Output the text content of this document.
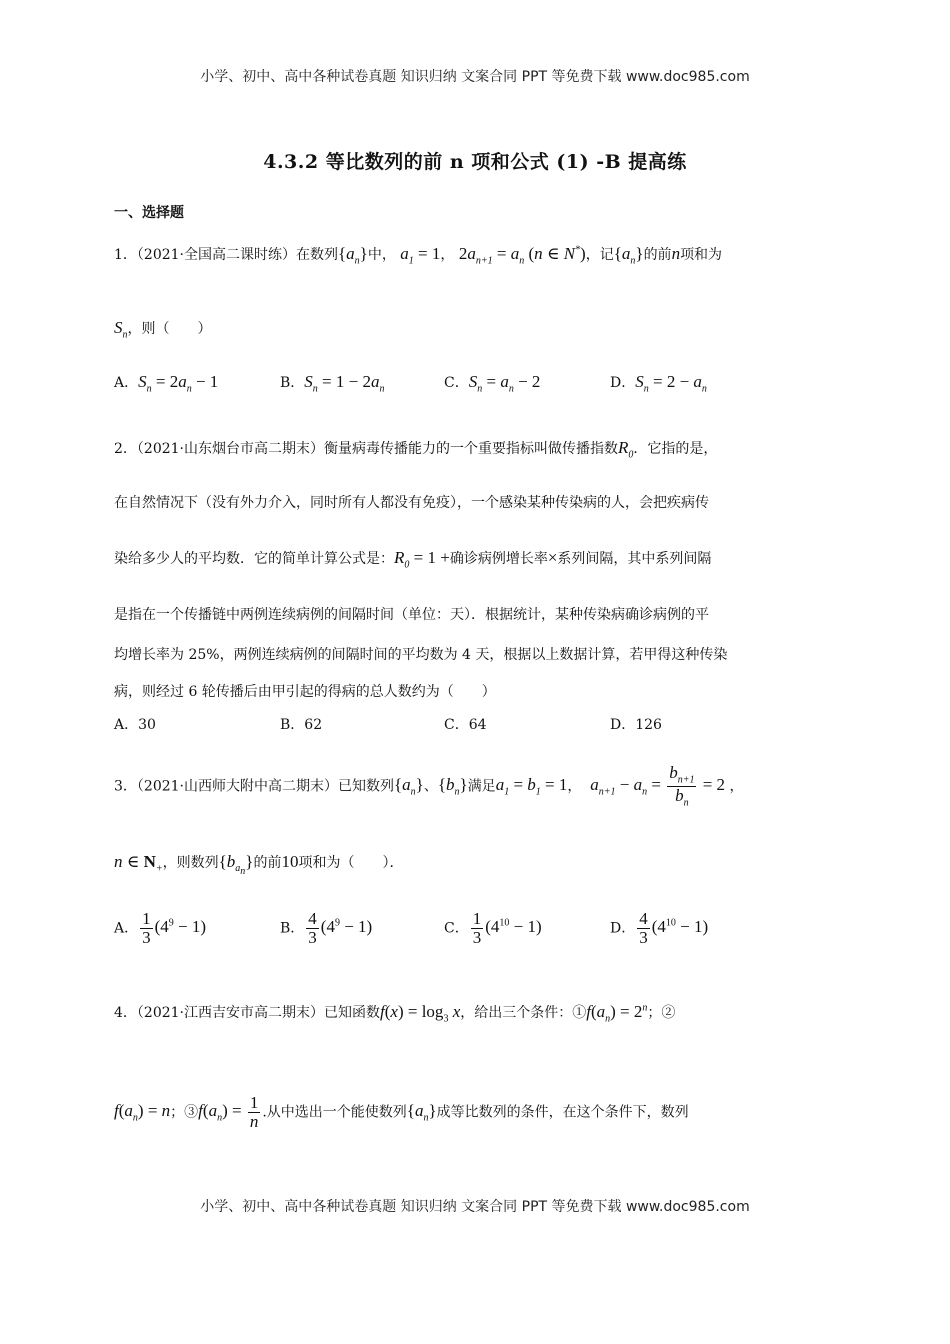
小学、初中、高中各种试卷真题 知识归纳 文案合同 PPT 等免费下载 www.doc985.com
4.3.2 等比数列的前 n 项和公式 (1) -B 提高练
一、选择题
1．（2021·全国高二课时练）在数列$\{a_n\}$中， $a_1 = 1$， $2a_{n+1} = a_n$ (n ∈ N*)，记$\{a_n\}$的前n项和为
$S_n$，则（　　）
A．$S_n = 2a_n - 1$	B．$S_n = 1 - 2a_n$	C．$S_n = a_n - 2$	D．$S_n = 2 - a_n$
2．（2021·山东烟台市高二期末）衡量病毒传播能力的一个重要指标叫做传播指数$R_0$．它指的是，
在自然情况下（没有外力介入，同时所有人都没有免疫），一个感染某种传染病的人，会把疾病传
染给多少人的平均数．它的简单计算公式是：$R_0 = 1$ +确诊病例增长率×系列间隔，其中系列间隔
是指在一个传播链中两例连续病例的间隔时间（单位：天）．根据统计，某种传染病确诊病例的平
均增长率为 25%，两例连续病例的间隔时间的平均数为 4 天，根据以上数据计算，若甲得这种传染
病，则经过 6 轮传播后由甲引起的得病的总人数约为（　　）
A．30	B．62	C．64	D．126
3．（2021·山西师大附中高二期末）已知数列$\{a_n\}$、$\{b_n\}$满足$a_1 = b_1 = 1$， $a_{n+1} - a_n = \frac{b_{n+1}}{b_n} = 2$ ，
n ∈ $N_+$，则数列$\{b_{a_n}\}$的前10项和为（　　）．
A． $\frac{1}{3} (4^9 - 1)$	B． $\frac{4}{3} (4^9 - 1)$	C． $\frac{1}{3} (4^{10} - 1)$	D． $\frac{4}{3} (4^{10} - 1)$
4．（2021·江西吉安市高二期末）已知函数$f(x) = \log_3 x$，给出三个条件：$①f(a_n) = 2^n$；②
$f(a_n) = n$；$③f(a_n) = \frac{1}{n}$ .从中选出一个能使数列$\{a_n\}$成等比数列的条件，在这个条件下，数列
小学、初中、高中各种试卷真题 知识归纳 文案合同 PPT 等免费下载 www.doc985.com
